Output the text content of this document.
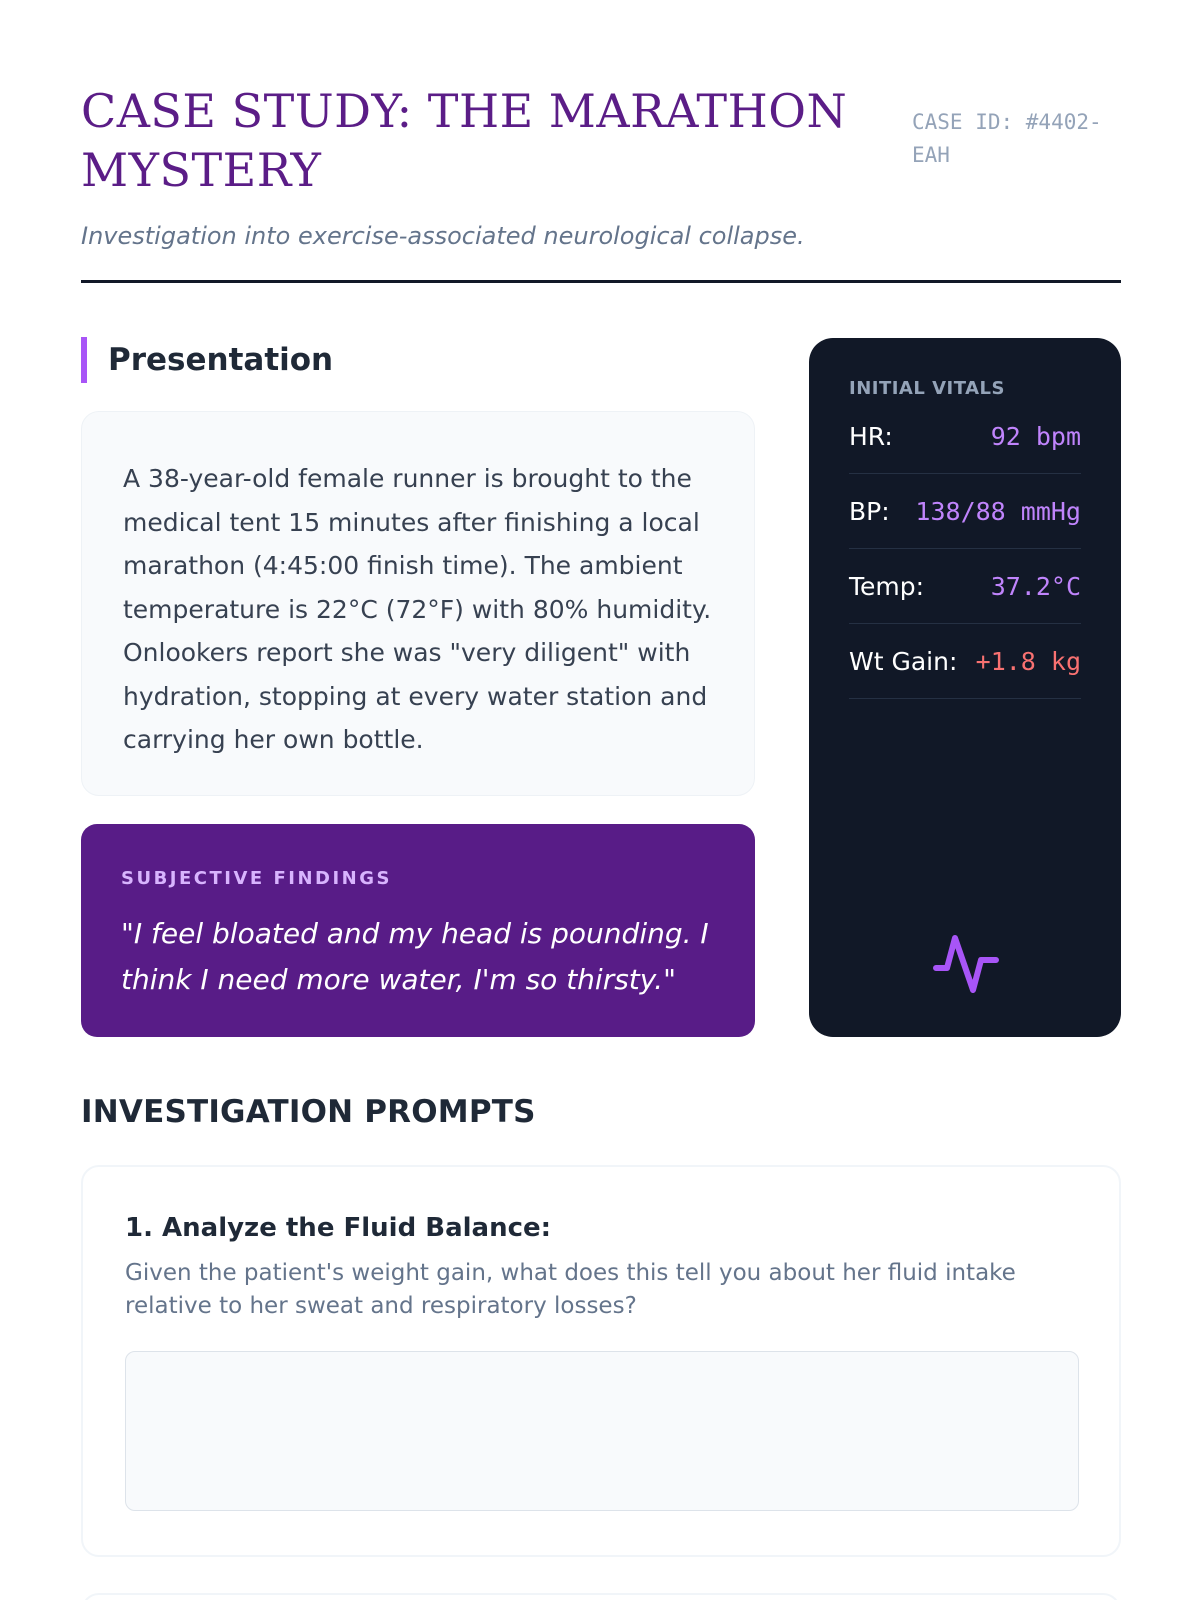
CASE STUDY: THE MARATHON MYSTERY
CASE ID: #4402-EAH

Investigation into exercise-associated neurological collapse.

Presentation

A 38-year-old female runner is brought to the medical tent 15 minutes after finishing a local marathon (4:45:00 finish time). The ambient temperature is 22°C (72°F) with 80% humidity. Onlookers report she was "very diligent" with hydration, stopping at every water station and carrying her own bottle.

SUBJECTIVE FINDINGS

"I feel bloated and my head is pounding. I think I need more water, I'm so thirsty."

INITIAL VITALS
HR:	92 bpm
BP: 138/88 mmHg
Temp:	37.2°C
Wt Gain: +1.8 kg
INVESTIGATION PROMPTS
1. Analyze the Fluid Balance:

Given the patient's weight gain, what does this tell you about her fluid intake relative to her sweat and respiratory losses?
